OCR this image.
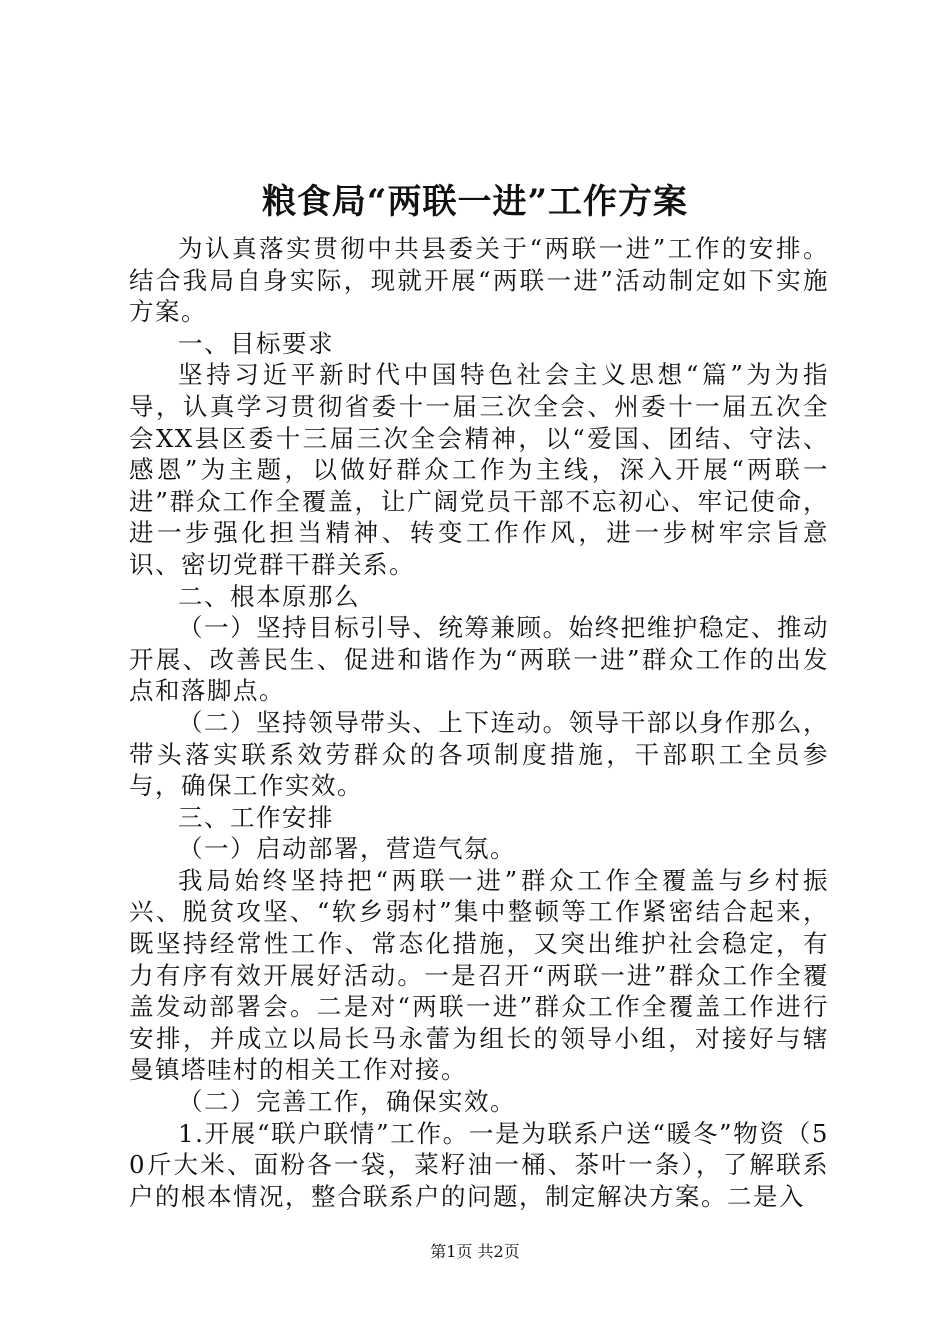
粮食局“两联一进”工作方案

为认真落实贯彻中共县委关于“两联一进”工作的安排。结合我局自身实际，现就开展“两联一进”活动制定如下实施方案。

一、目标要求

坚持习近平新时代中国特色社会主义思想“篇”为为指导，认真学习贯彻省委十一届三次全会、州委十一届五次全会XX县区委十三届三次全会精神，以“爱国、团结、守法、感恩”为主题，以做好群众工作为主线，深入开展“两联一进”群众工作全覆盖，让广阔党员干部不忘初心、牢记使命，进一步强化担当精神、转变工作作风，进一步树牢宗旨意识、密切党群干群关系。

二、根本原那么

（一）坚持目标引导、统筹兼顾。始终把维护稳定、推动开展、改善民生、促进和谐作为“两联一进”群众工作的出发点和落脚点。

（二）坚持领导带头、上下连动。领导干部以身作那么，带头落实联系效劳群众的各项制度措施，干部职工全员参与，确保工作实效。

三、工作安排

（一）启动部署，营造气氛。

我局始终坚持把“两联一进”群众工作全覆盖与乡村振兴、脱贫攻坚、“软乡弱村”集中整顿等工作紧密结合起来，既坚持经常性工作、常态化措施，又突出维护社会稳定，有力有序有效开展好活动。一是召开“两联一进”群众工作全覆盖发动部署会。二是对“两联一进”群众工作全覆盖工作进行安排，并成立以局长马永蕾为组长的领导小组，对接好与辖曼镇塔哇村的相关工作对接。

（二）完善工作，确保实效。

1.开展“联户联情”工作。一是为联系户送“暖冬”物资（50斤大米、面粉各一袋，菜籽油一桶、茶叶一条），了解联系户的根本情况，整合联系户的问题，制定解决方案。二是入

第1页 共2页
